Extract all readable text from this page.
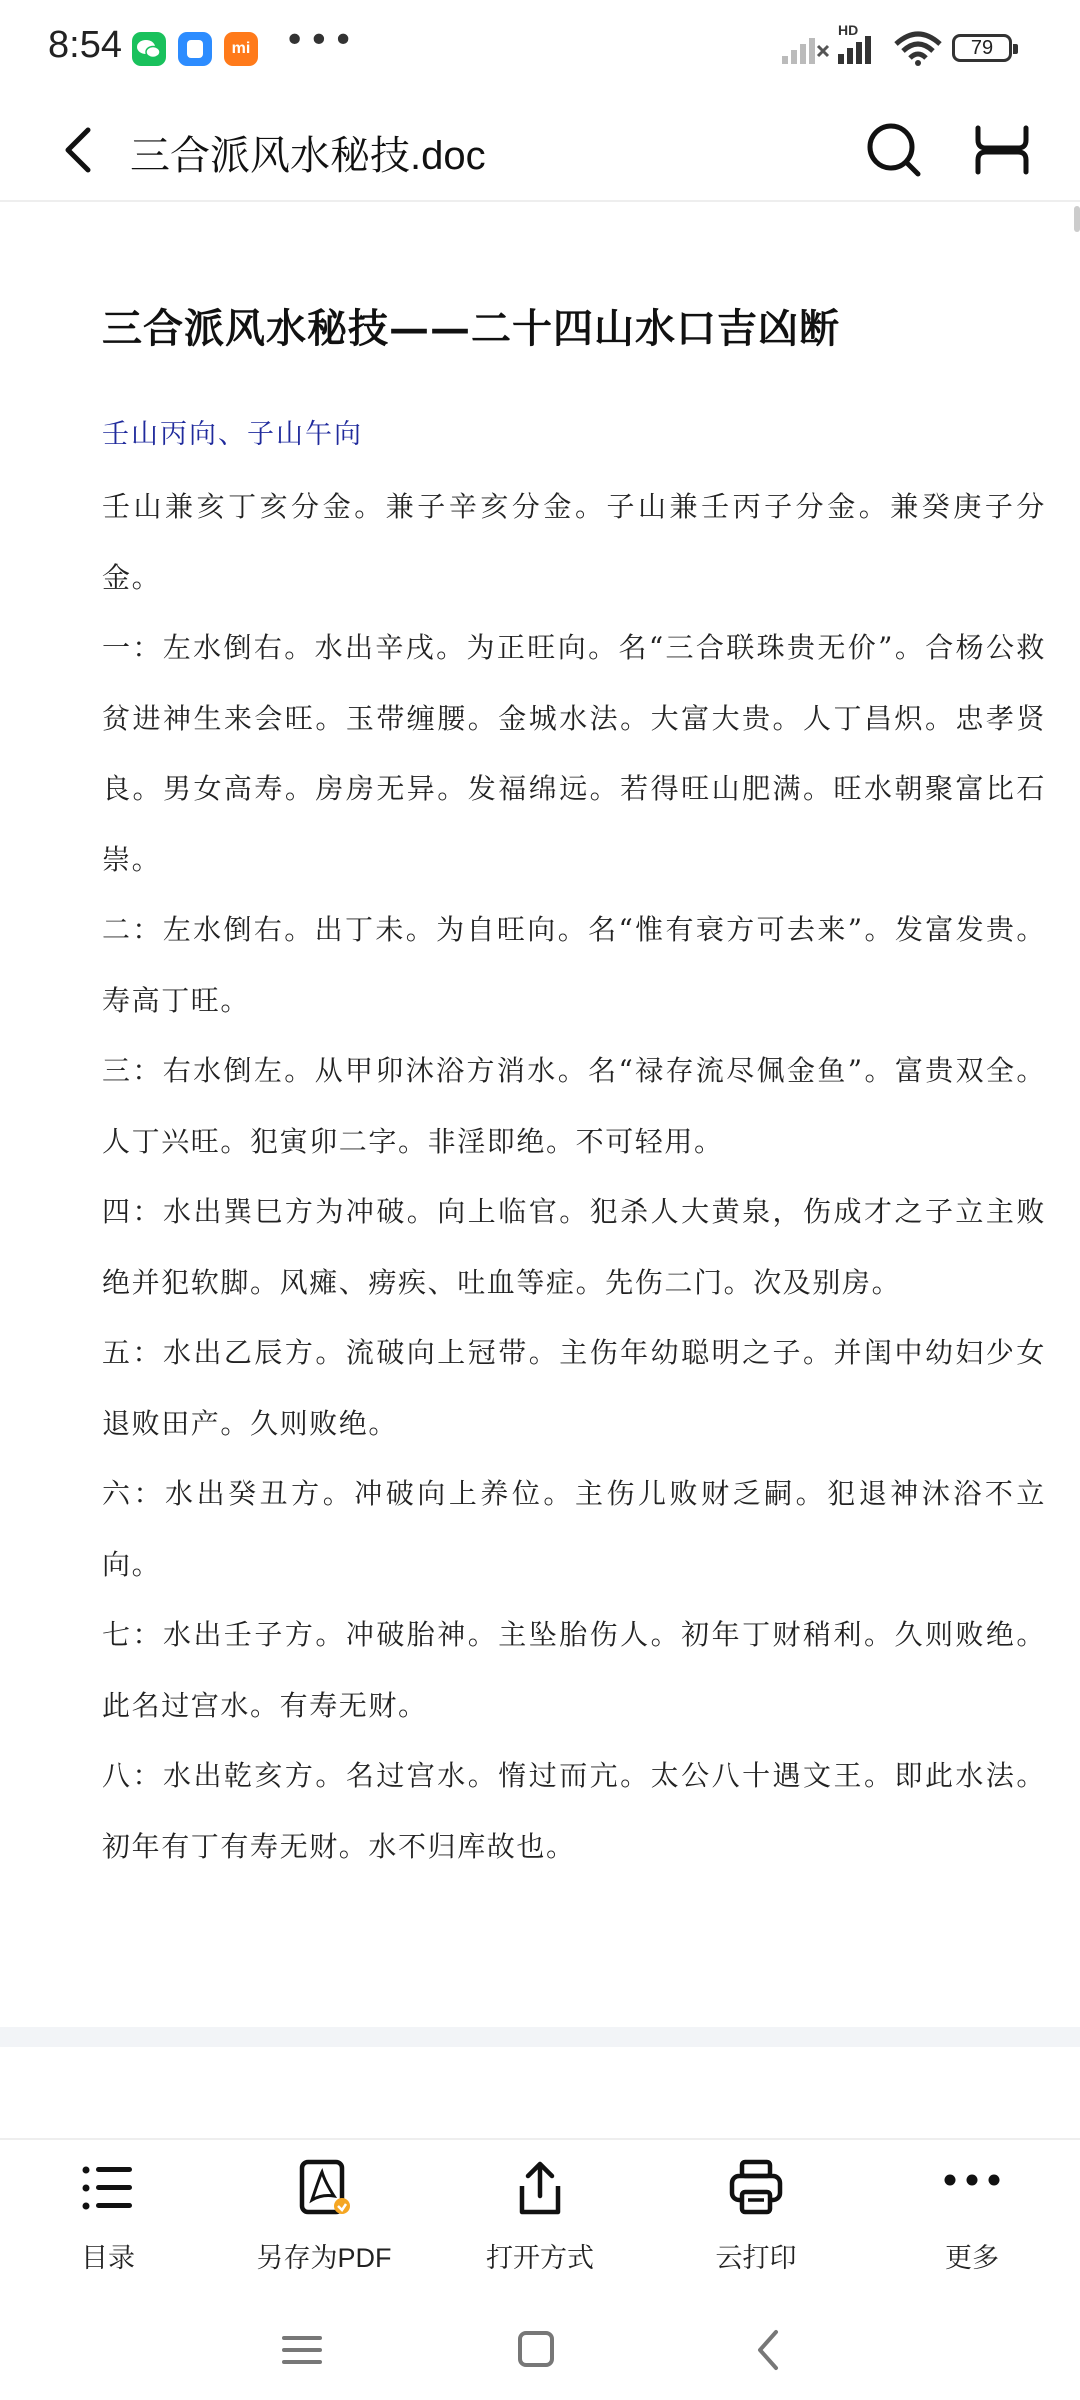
8:54	mi •••	HD
79
三合派风水秘技.doc
三合派风水秘技——二十四山水口吉凶断
壬山丙向、子山午向

壬山兼亥丁亥分金。兼子辛亥分金。子山兼壬丙子分金。兼癸庚子分金。

一：左水倒右。水出辛戌。为正旺向。名“三合联珠贵无价”。合杨公救贫进神生来会旺。玉带缠腰。金城水法。大富大贵。人丁昌炽。忠孝贤良。男女高寿。房房无异。发福绵远。若得旺山肥满。旺水朝聚富比石崇。

二：左水倒右。出丁未。为自旺向。名“惟有衰方可去来”。发富发贵。寿高丁旺。

三：右水倒左。从甲卯沐浴方消水。名“禄存流尽佩金鱼”。富贵双全。人丁兴旺。犯寅卯二字。非淫即绝。不可轻用。

四：水出巽巳方为冲破。向上临官。犯杀人大黄泉，伤成才之子立主败绝并犯软脚。风瘫、痨疾、吐血等症。先伤二门。次及别房。

五：水出乙辰方。流破向上冠带。主伤年幼聪明之子。并闺中幼妇少女退败田产。久则败绝。

六：水出癸丑方。冲破向上养位。主伤儿败财乏嗣。犯退神沐浴不立向。

七：水出壬子方。冲破胎神。主坠胎伤人。初年丁财稍利。久则败绝。此名过宫水。有寿无财。

八：水出乾亥方。名过宫水。惰过而亢。太公八十遇文王。即此水法。初年有丁有寿无财。水不归库故也。

目录	另存为PDF	打开方式	云打印	更多
